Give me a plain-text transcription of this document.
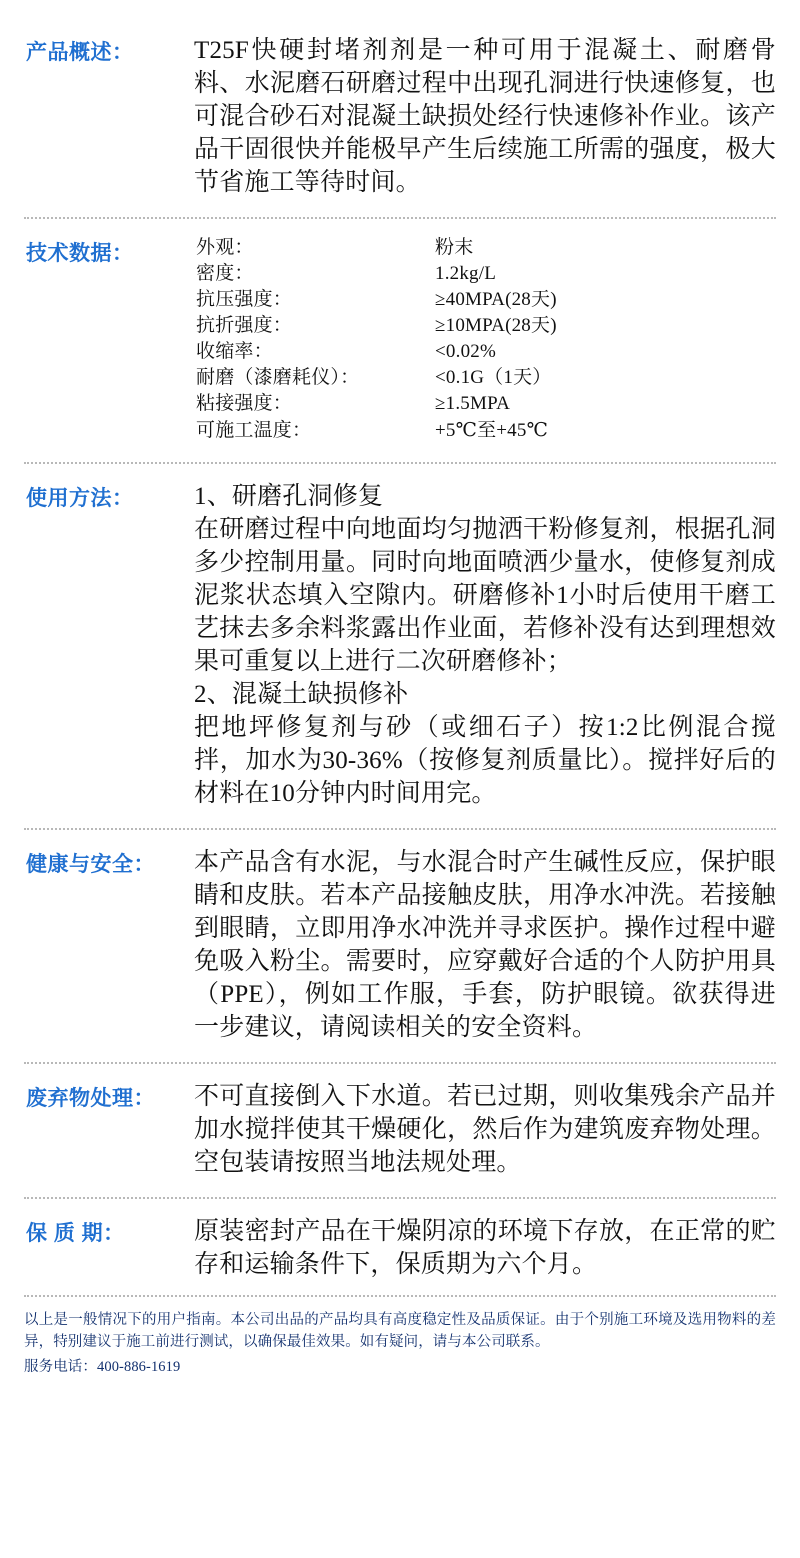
产品概述：	T25F快硬封堵剂剂是一种可用于混凝土、耐磨骨料、水泥磨石研磨过程中出现孔洞进行快速修复，也可混合砂石对混凝土缺损处经行快速修补作业。该产品干固很快并能极早产生后续施工所需的强度，极大节省施工等待时间。

技术数据：	外观：	粉末
密度：	1.2kg/L
抗压强度：	≥40MPA(28天)
抗折强度：	≥10MPA(28天)
收缩率：	<0.02%
耐磨（漆磨耗仪）：	<0.1G（1天）
粘接强度：	≥1.5MPA
可施工温度：	+5℃至+45℃
使用方法：	1、研磨孔洞修复

在研磨过程中向地面均匀抛洒干粉修复剂，根据孔洞多少控制用量。同时向地面喷洒少量水，使修复剂成泥浆状态填入空隙内。研磨修补1小时后使用干磨工艺抹去多余料浆露出作业面，若修补没有达到理想效果可重复以上进行二次研磨修补；

2、混凝土缺损修补

把地坪修复剂与砂（或细石子）按1:2比例混合搅拌，加水为30-36%（按修复剂质量比）。搅拌好后的材料在10分钟内时间用完。

健康与安全：	本产品含有水泥，与水混合时产生碱性反应，保护眼睛和皮肤。若本产品接触皮肤，用净水冲洗。若接触到眼睛，立即用净水冲洗并寻求医护。操作过程中避免吸入粉尘。需要时，应穿戴好合适的个人防护用具（PPE），例如工作服，手套，防护眼镜。欲获得进一步建议，请阅读相关的安全资料。

废弃物处理：	不可直接倒入下水道。若已过期，则收集残余产品并加水搅拌使其干燥硬化，然后作为建筑废弃物处理。空包装请按照当地法规处理。

保 质 期：	原装密封产品在干燥阴凉的环境下存放，在正常的贮存和运输条件下，保质期为六个月。

以上是一般情况下的用户指南。本公司出品的产品均具有高度稳定性及品质保证。由于个别施工环境及选用物料的差异，特别建议于施工前进行测试，以确保最佳效果。如有疑问，请与本公司联系。

服务电话：400-886-1619
